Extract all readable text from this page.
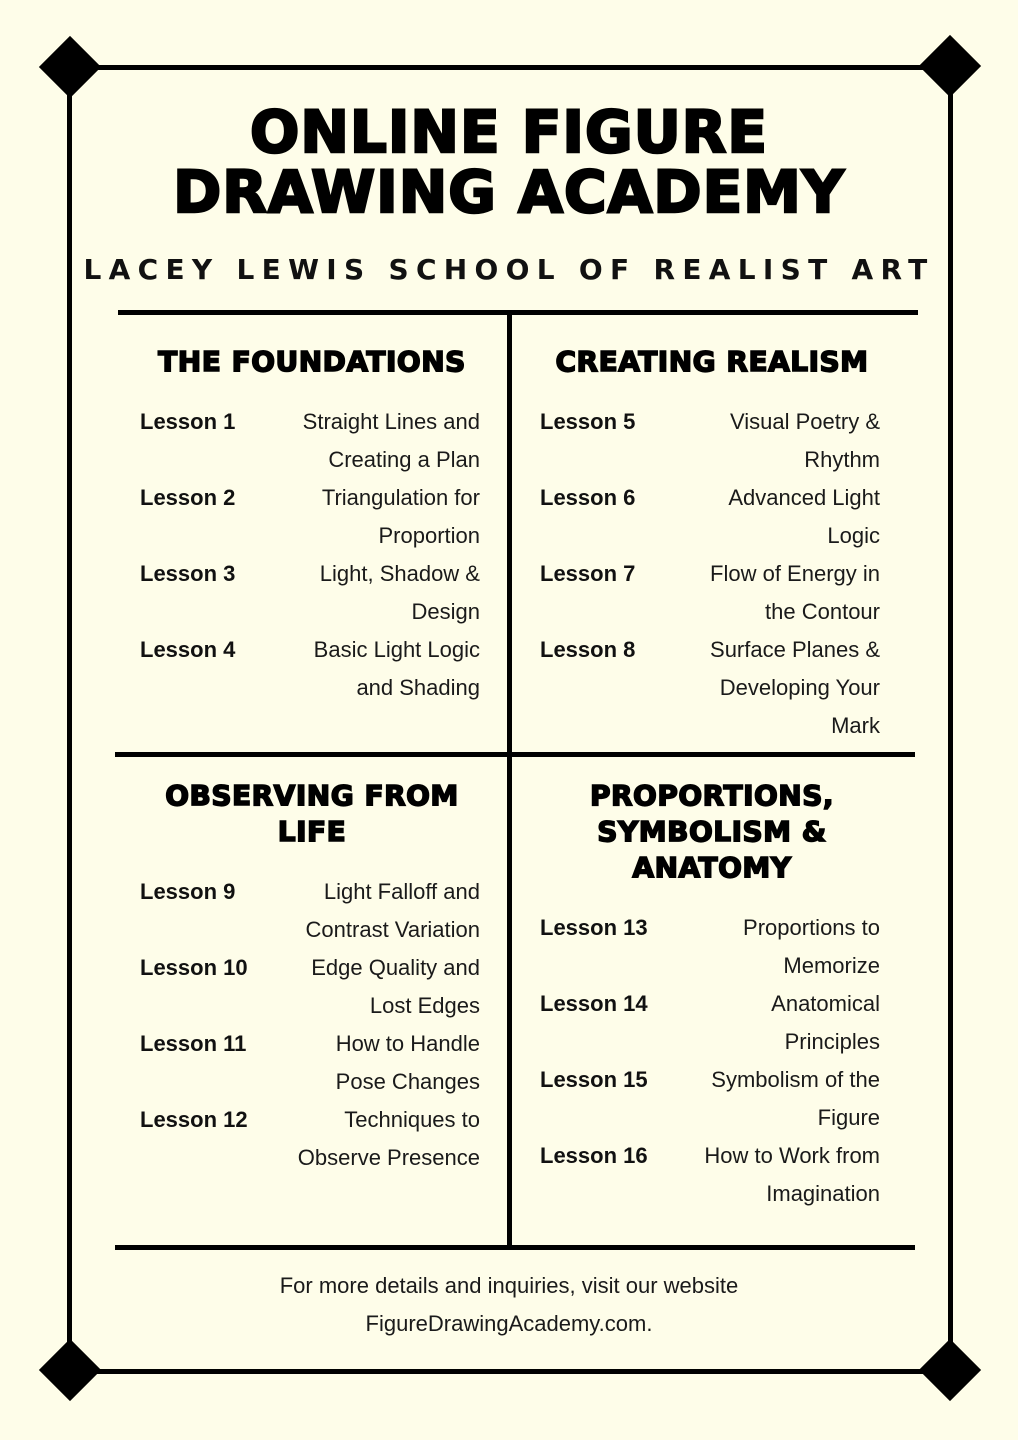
ONLINE FIGURE
DRAWING ACADEMY
LACEY LEWIS SCHOOL OF REALIST ART
THE FOUNDATIONS
Lesson 1	Straight Lines and
Creating a Plan
Lesson 2	Triangulation for
Proportion
Lesson 3	Light, Shadow &
Design
Lesson 4	Basic Light Logic
and Shading
CREATING REALISM
Lesson 5	Visual Poetry &
Rhythm
Lesson 6	Advanced Light
Logic
Lesson 7	Flow of Energy in
the Contour
Lesson 8	Surface Planes &
Developing Your
Mark
OBSERVING FROM
LIFE
Lesson 9	Light Falloff and
Contrast Variation
Lesson 10	Edge Quality and
Lost Edges
Lesson 11	How to Handle
Pose Changes
Lesson 12	Techniques to
Observe Presence
PROPORTIONS,
SYMBOLISM &
ANATOMY
Lesson 13	Proportions to
Memorize
Lesson 14	Anatomical
Principles
Lesson 15	Symbolism of the
Figure
Lesson 16	How to Work from
Imagination
For more details and inquiries, visit our website
FigureDrawingAcademy.com.
